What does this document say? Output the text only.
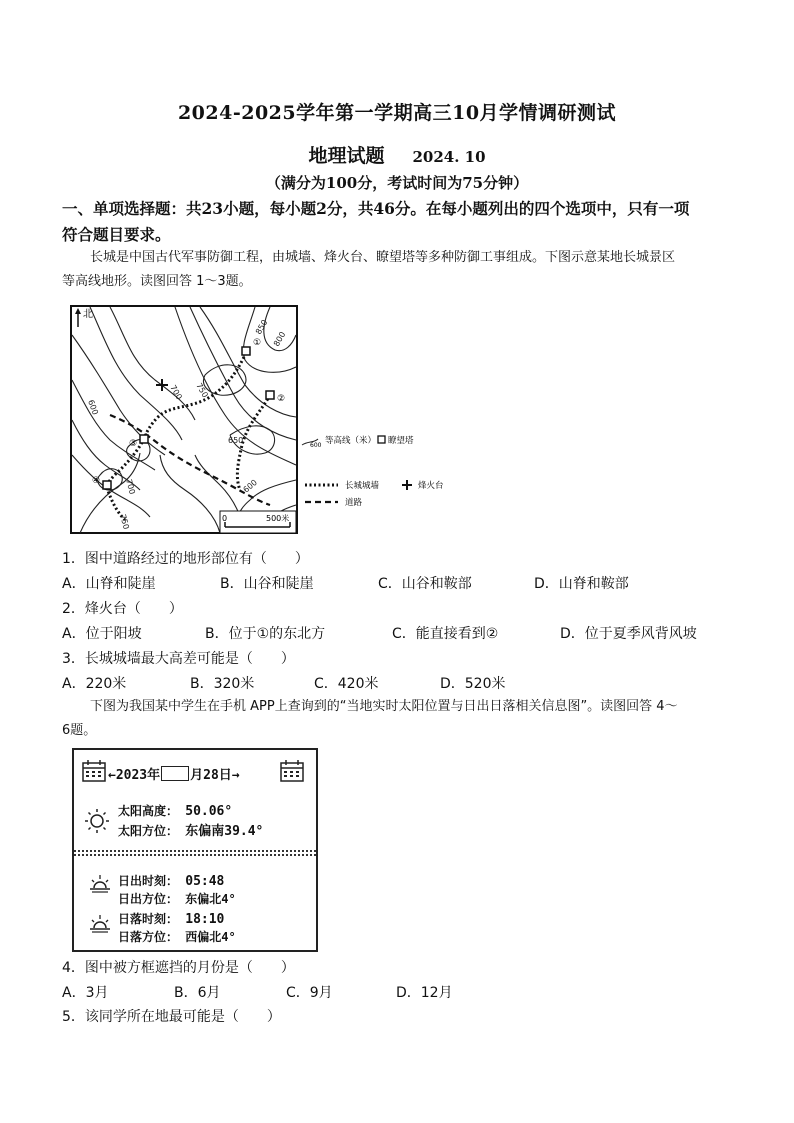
2024-2025学年第一学期高三10月学情调研测试
地理试题 2024. 10
（满分为100分，考试时间为75分钟）
一、单项选择题：共23小题，每小题2分，共46分。在每小题列出的四个选项中，只有一项
符合题目要求。
长城是中国古代军事防御工程，由城墙、烽火台、瞭望塔等多种防御工事组成。下图示意某地长城景区
等高线地形。读图回答 1～3题。
北
850
800
750
700
600
650
600
700
750
①
②
③
④
0	500米
600 等高线（米） 瞭望塔
长城城墙	烽火台
道路
1．图中道路经过的地形部位有（　　）
A．山脊和陡崖	B．山谷和陡崖	C．山谷和鞍部	D．山脊和鞍部
2．烽火台（　　）
A．位于阳坡	B．位于①的东北方	C．能直接看到②	D．位于夏季风背风坡
3．长城城墙最大高差可能是（　　）
A．220米	B．320米	C．420米	D．520米
下图为我国某中学生在手机 APP上查询到的“当地实时太阳位置与日出日落相关信息图”。读图回答 4～
6题。
←2023年 月28日→
太阳高度： 50.06°
太阳方位： 东偏南39.4°
日出时刻： 05:48
日出方位： 东偏北4°
日落时刻： 18:10
日落方位： 西偏北4°
4．图中被方框遮挡的月份是（　　）
A．3月	B．6月	C．9月	D．12月
5．该同学所在地最可能是（　　）
